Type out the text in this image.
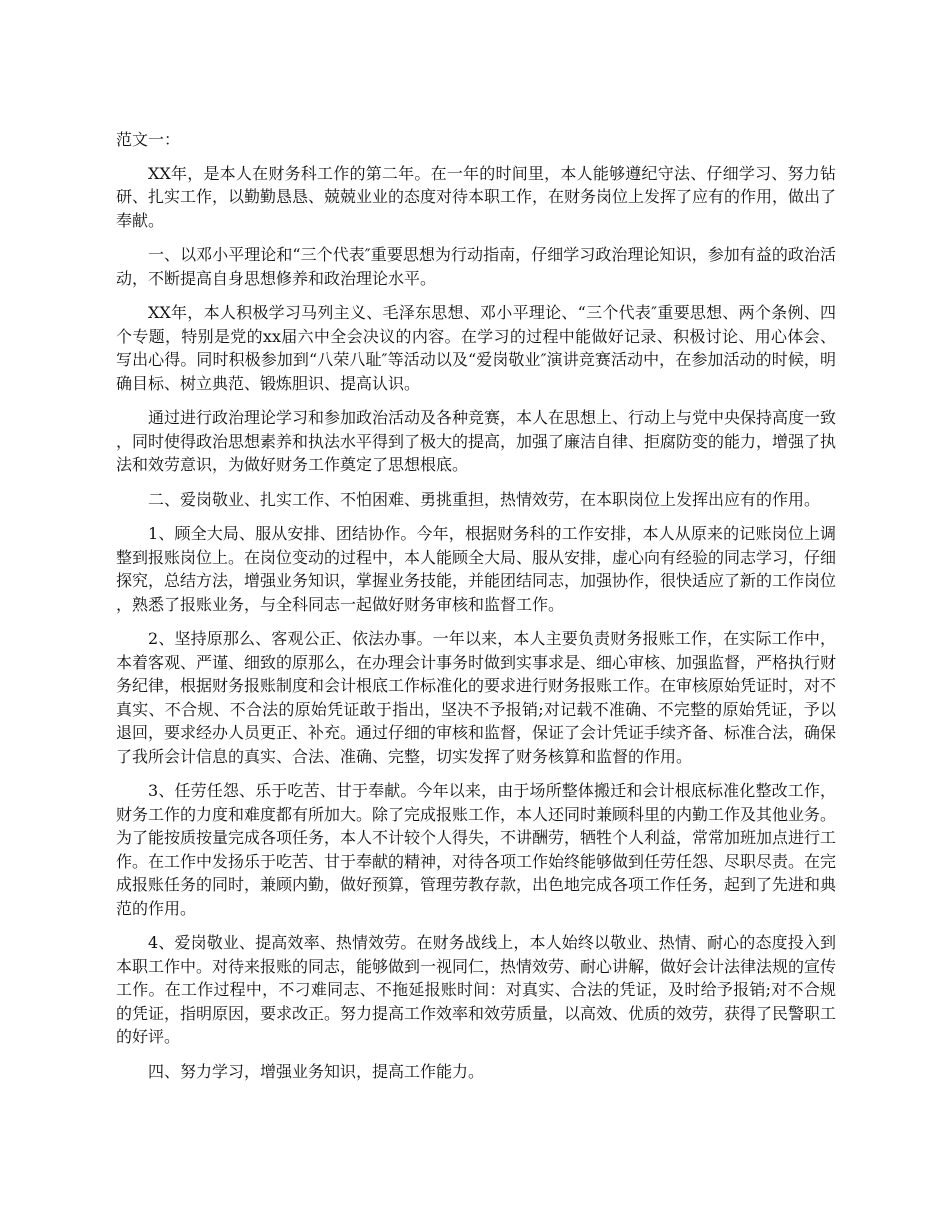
范文一：

XX年，是本人在财务科工作的第二年。在一年的时间里，本人能够遵纪守法、仔细学习、努力钻研、扎实工作，以勤勤恳恳、兢兢业业的态度对待本职工作，在财务岗位上发挥了应有的作用，做出了奉献。

一、以邓小平理论和“三个代表″重要思想为行动指南，仔细学习政治理论知识，参加有益的政治活动，不断提高自身思想修养和政治理论水平。

XX年，本人积极学习马列主义、毛泽东思想、邓小平理论、“三个代表″重要思想、两个条例、四个专题，特别是党的xx届六中全会决议的内容。在学习的过程中能做好记录、积极讨论、用心体会、写出心得。同时积极参加到“八荣八耻″等活动以及“爱岗敬业″演讲竞赛活动中，在参加活动的时候，明确目标、树立典范、锻炼胆识、提高认识。

通过进行政治理论学习和参加政治活动及各种竞赛，本人在思想上、行动上与党中央保持高度一致，同时使得政治思想素养和执法水平得到了极大的提高，加强了廉洁自律、拒腐防变的能力，增强了执法和效劳意识，为做好财务工作奠定了思想根底。

二、爱岗敬业、扎实工作、不怕困难、勇挑重担，热情效劳，在本职岗位上发挥出应有的作用。

1、顾全大局、服从安排、团结协作。今年，根据财务科的工作安排，本人从原来的记账岗位上调整到报账岗位上。在岗位变动的过程中，本人能顾全大局、服从安排，虚心向有经验的同志学习，仔细探究，总结方法，增强业务知识，掌握业务技能，并能团结同志，加强协作，很快适应了新的工作岗位，熟悉了报账业务，与全科同志一起做好财务审核和监督工作。

2、坚持原那么、客观公正、依法办事。一年以来，本人主要负责财务报账工作，在实际工作中，本着客观、严谨、细致的原那么，在办理会计事务时做到实事求是、细心审核、加强监督，严格执行财务纪律，根据财务报账制度和会计根底工作标准化的要求进行财务报账工作。在审核原始凭证时，对不真实、不合规、不合法的原始凭证敢于指出，坚决不予报销;对记载不准确、不完整的原始凭证，予以退回，要求经办人员更正、补充。通过仔细的审核和监督，保证了会计凭证手续齐备、标准合法，确保了我所会计信息的真实、合法、准确、完整，切实发挥了财务核算和监督的作用。

3、任劳任怨、乐于吃苦、甘于奉献。今年以来，由于场所整体搬迁和会计根底标准化整改工作，财务工作的力度和难度都有所加大。除了完成报账工作，本人还同时兼顾科里的内勤工作及其他业务。为了能按质按量完成各项任务，本人不计较个人得失，不讲酬劳，牺牲个人利益，常常加班加点进行工作。在工作中发扬乐于吃苦、甘于奉献的精神，对待各项工作始终能够做到任劳任怨、尽职尽责。在完成报账任务的同时，兼顾内勤，做好预算，管理劳教存款，出色地完成各项工作任务，起到了先进和典范的作用。

4、爱岗敬业、提高效率、热情效劳。在财务战线上，本人始终以敬业、热情、耐心的态度投入到本职工作中。对待来报账的同志，能够做到一视同仁，热情效劳、耐心讲解，做好会计法律法规的宣传工作。在工作过程中，不刁难同志、不拖延报账时间：对真实、合法的凭证，及时给予报销;对不合规的凭证，指明原因，要求改正。努力提高工作效率和效劳质量，以高效、优质的效劳，获得了民警职工的好评。

四、努力学习，增强业务知识，提高工作能力。
